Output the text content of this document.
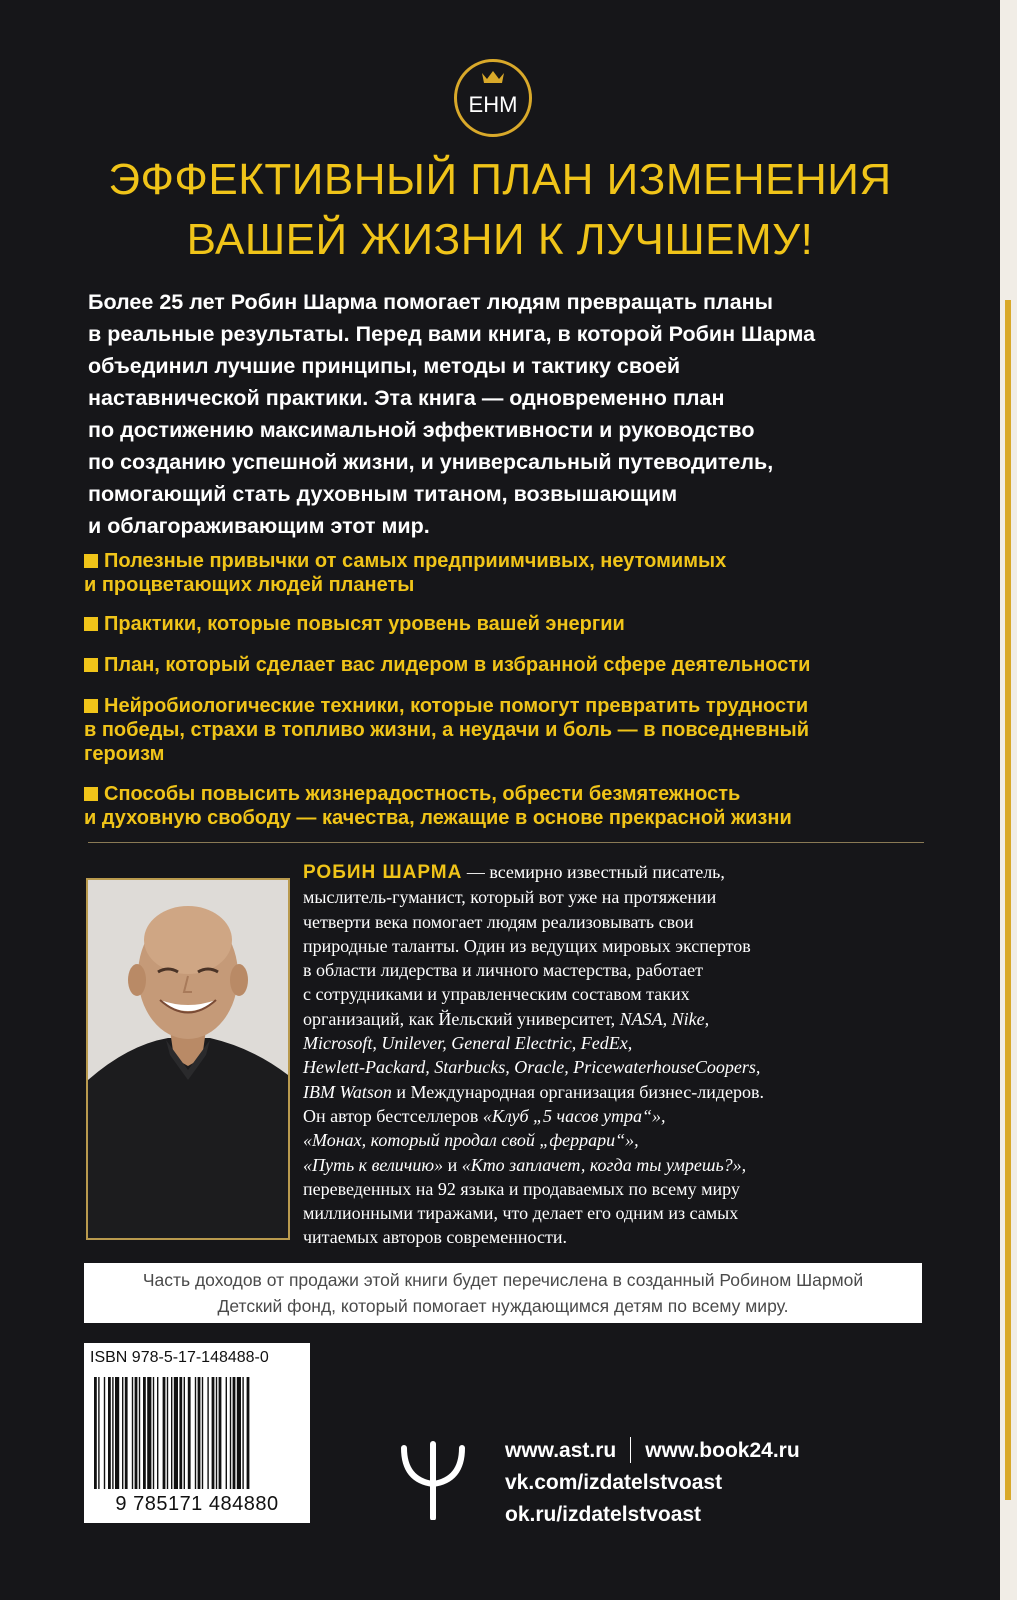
ЕНМ
ЭФФЕКТИВНЫЙ ПЛАН ИЗМЕНЕНИЯ
ВАШЕЙ ЖИЗНИ К ЛУЧШЕМУ!
Более 25 лет Робин Шарма помогает людям превращать планы
в реальные результаты. Перед вами книга, в которой Робин Шарма
объединил лучшие принципы, методы и тактику своей
наставнической практики. Эта книга — одновременно план
по достижению максимальной эффективности и руководство
по созданию успешной жизни, и универсальный путеводитель,
помогающий стать духовным титаном, возвышающим
и облагораживающим этот мир.
Полезные привычки от самых предприимчивых, неутомимых
и процветающих людей планеты
Практики, которые повысят уровень вашей энергии
План, который сделает вас лидером в избранной сфере деятельности
Нейробиологические техники, которые помогут превратить трудности
в победы, страхи в топливо жизни, а неудачи и боль — в повседневный
героизм
Способы повысить жизнерадостность, обрести безмятежность
и духовную свободу — качества, лежащие в основе прекрасной жизни
РОБИН ШАРМА — всемирно известный писатель,
мыслитель-гуманист, который вот уже на протяжении
четверти века помогает людям реализовывать свои
природные таланты. Один из ведущих мировых экспертов
в области лидерства и личного мастерства, работает
с сотрудниками и управленческим составом таких
организаций, как Йельский университет, NASA, Nike,
Microsoft, Unilever, General Electric, FedEx,
Hewlett-Packard, Starbucks, Oracle, PricewaterhouseCoopers,
IBM Watson и Международная организация бизнес-лидеров.
Он автор бестселлеров «Клуб „5 часов утра“»,
«Монах, который продал свой „феррари“»,
«Путь к величию» и «Кто заплачет, когда ты умрешь?»,
переведенных на 92 языка и продаваемых по всему миру
миллионными тиражами, что делает его одним из самых
читаемых авторов современности.
Часть доходов от продажи этой книги будет перечислена в созданный Робином Шармой
Детский фонд, который помогает нуждающимся детям по всему миру.
ISBN 978-5-17-148488-0
9 785171 484880
www.ast.ru www.book24.ru
vk.com/izdatelstvoast
ok.ru/izdatelstvoast
